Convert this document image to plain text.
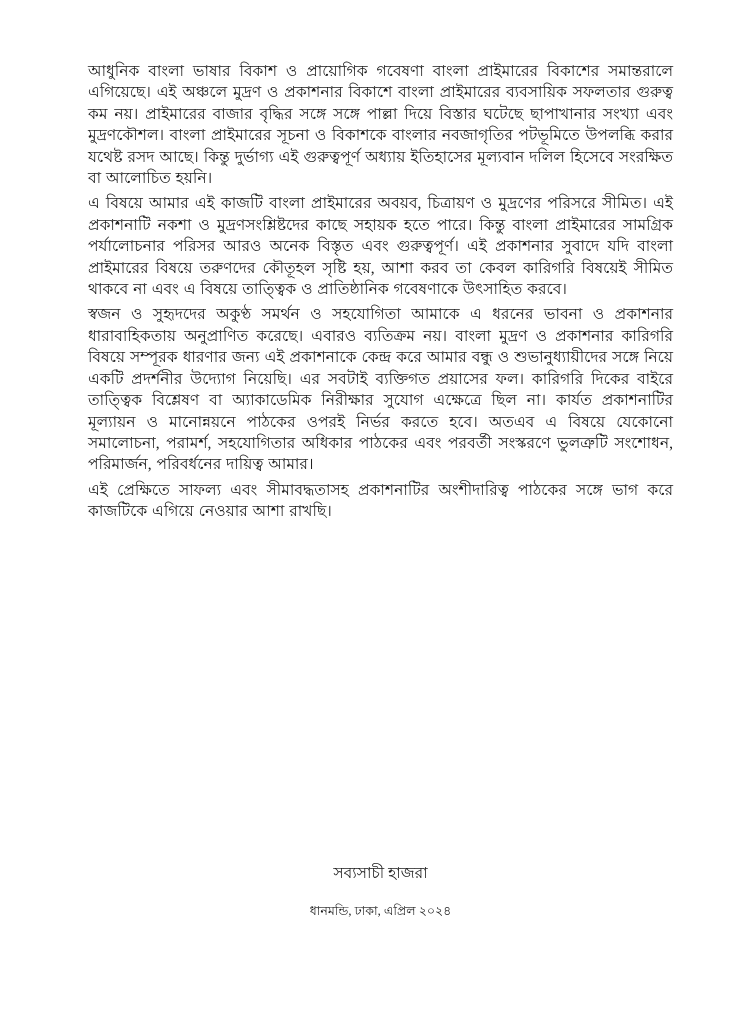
আধুনিক বাংলা ভাষার বিকাশ ও প্রায়োগিক গবেষণা বাংলা প্রাইমারের বিকাশের সমান্তরালে এগিয়েছে। এই অঞ্চলে মুদ্রণ ও প্রকাশনার বিকাশে বাংলা প্রাইমারের ব্যবসায়িক সফলতার গুরুত্ব কম নয়। প্রাইমারের বাজার বৃদ্ধির সঙ্গে সঙ্গে পাল্লা দিয়ে বিস্তার ঘটেছে ছাপাখানার সংখ্যা এবং মুদ্রণকৌশল। বাংলা প্রাইমারের সূচনা ও বিকাশকে বাংলার নবজাগৃতির পটভূমিতে উপলব্ধি করার যথেষ্ট রসদ আছে। কিন্তু দুর্ভাগ্য এই গুরুত্বপূর্ণ অধ্যায় ইতিহাসের মূল্যবান দলিল হিসেবে সংরক্ষিত বা আলোচিত হয়নি।

এ বিষয়ে আমার এই কাজটি বাংলা প্রাইমারের অবয়ব, চিত্রায়ণ ও মুদ্রণের পরিসরে সীমিত। এই প্রকাশনাটি নকশা ও মুদ্রণসংশ্লিষ্টদের কাছে সহায়ক হতে পারে। কিন্তু বাংলা প্রাইমারের সামগ্রিক পর্যালোচনার পরিসর আরও অনেক বিস্তৃত এবং গুরুত্বপূর্ণ। এই প্রকাশনার সুবাদে যদি বাংলা প্রাইমারের বিষয়ে তরুণদের কৌতূহল সৃষ্টি হয়, আশা করব তা কেবল কারিগরি বিষয়েই সীমিত থাকবে না এবং এ বিষয়ে তাত্ত্বিক ও প্রাতিষ্ঠানিক গবেষণাকে উৎসাহিত করবে।

স্বজন ও সুহৃদদের অকুণ্ঠ সমর্থন ও সহযোগিতা আমাকে এ ধরনের ভাবনা ও প্রকাশনার ধারাবাহিকতায় অনুপ্রাণিত করেছে। এবারও ব্যতিক্রম নয়। বাংলা মুদ্রণ ও প্রকাশনার কারিগরি বিষয়ে সম্পূরক ধারণার জন্য এই প্রকাশনাকে কেন্দ্র করে আমার বন্ধু ও শুভানুধ্যায়ীদের সঙ্গে নিয়ে একটি প্রদর্শনীর উদ্যোগ নিয়েছি। এর সবটাই ব্যক্তিগত প্রয়াসের ফল। কারিগরি দিকের বাইরে তাত্ত্বিক বিশ্লেষণ বা অ্যাকাডেমিক নিরীক্ষার সুযোগ এক্ষেত্রে ছিল না। কার্যত প্রকাশনাটির মূল্যায়ন ও মানোন্নয়নে পাঠকের ওপরই নির্ভর করতে হবে। অতএব এ বিষয়ে যেকোনো সমালোচনা, পরামর্শ, সহযোগিতার অধিকার পাঠকের এবং পরবর্তী সংস্করণে ভুলত্রুটি সংশোধন, পরিমার্জন, পরিবর্ধনের দায়িত্ব আমার।

এই প্রেক্ষিতে সাফল্য এবং সীমাবদ্ধতাসহ প্রকাশনাটির অংশীদারিত্ব পাঠকের সঙ্গে ভাগ করে কাজটিকে এগিয়ে নেওয়ার আশা রাখছি।

সব্যসাচী হাজরা
ধানমন্ডি, ঢাকা, এপ্রিল ২০২৪
